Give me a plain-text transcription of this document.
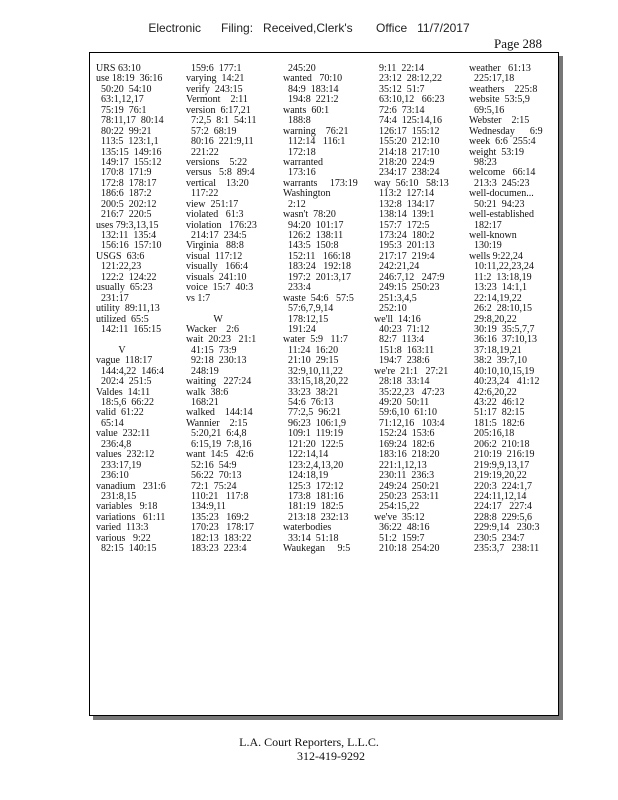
Electronic      Filing:   Received,Clerk's       Office   11/7/2017
Page 288
URS 63:10
use 18:19  36:16
50:20  54:10
63:1,12,17
75:19  76:1
78:11,17  80:14
80:22  99:21
113:5  123:1,1
135:15  149:16
149:17  155:12
170:8  171:9
172:8  178:17
186:6  187:2
200:5  202:12
216:7  220:5
uses 79:3,13,15
132:11  135:4
156:16  157:10
USGS  63:6
121:22,23
122:2  124:22
usually  65:23
231:17
utility  89:11,13
utilized  65:5
142:11  165:15
V
vague  118:17
144:4,22  146:4
202:4  251:5
Valdes  14:11
18:5,6  66:22
valid  61:22
65:14
value  232:11
236:4,8
values  232:12
233:17,19
236:10
vanadium   231:6
231:8,15
variables   9:18
variations   61:11
varied  113:3
various   9:22
82:15  140:15
159:6  177:1
varying  14:21
verify  243:15
Vermont    2:11
version  6:17,21
7:2,5  8:1  54:11
57:2  68:19
80:16  221:9,11
221:22
versions    5:22
versus   5:8  89:4
vertical    13:20
117:22
view  251:17
violated   61:3
violation   176:23
214:17  234:5
Virginia   88:8
visual  117:12
visually   166:4
visuals  241:10
voice  15:7  40:3
vs 1:7
W
Wacker    2:6
wait  20:23   21:1
41:15  73:9
92:18  230:13
248:19
waiting   227:24
walk  38:6
168:21
walked    144:14
Wannier    2:15
5:20,21  6:4,8
6:15,19  7:8,16
want  14:5   42:6
52:16  54:9
56:22  70:13
72:1  75:24
110:21   117:8
134:9,11
135:23   169:2
170:23   178:17
182:13  183:22
183:23  223:4
245:20
wanted   70:10
84:9  183:14
194:8  221:2
wants  60:1
188:8
warning    76:21
112:14   116:1
172:18
warranted
173:16
warrants     173:19
Washington
2:12
wasn't  78:20
94:20  101:17
126:2  138:11
143:5  150:8
152:11   166:18
183:24   192:18
197:2  201:3,17
233:4
waste  54:6   57:5
57:6,7,9,14
178:12,15
191:24
water  5:9   11:7
11:24  16:20
21:10  29:15
32:9,10,11,22
33:15,18,20,22
33:23  38:21
54:6  76:13
77:2,5  96:21
96:23  106:1,9
109:1  119:19
121:20  122:5
122:14,14
123:2,4,13,20
124:18,19
125:3  172:12
173:8  181:16
181:19  182:5
213:18  232:13
waterbodies
33:14  51:18
Waukegan     9:5
9:11  22:14
23:12  28:12,22
35:12  51:7
63:10,12   66:23
72:6  73:14
74:4  125:14,16
126:17  155:12
155:20  212:10
214:18  217:10
218:20  224:9
234:17  238:24
way  56:10   58:13
113:2  127:14
132:8  134:17
138:14  139:1
157:7  172:5
173:24  180:2
195:3  201:13
217:17  219:4
242:21,24
246:7,12   247:9
249:15  250:23
251:3,4,5
252:10
we'll  14:16
40:23  71:12
82:7  113:4
151:8  163:11
194:7  238:6
we're  21:1   27:21
28:18  33:14
35:22,23   47:23
49:20  50:11
59:6,10  61:10
71:12,16   103:4
152:24  153:6
169:24  182:6
183:16  218:20
221:1,12,13
230:11  236:3
249:24  250:21
250:23  253:11
254:15,22
we've  35:12
36:22  48:16
51:2  159:7
210:18  254:20
weather   61:13
225:17,18
weathers    225:8
website  53:5,9
69:5,16
Webster    2:15
Wednesday      6:9
week  6:6  255:4
weight  53:19
98:23
welcome   66:14
213:3  245:23
well-documen...
50:21  94:23
well-established
182:17
well-known
130:19
wells 9:22,24
10:11,22,23,24
11:2  13:18,19
13:23  14:1,1
22:14,19,22
26:2  28:10,15
29:8,20,22
30:19  35:5,7,7
36:16  37:10,13
37:18,19,21
38:2  39:7,10
40:10,10,15,19
40:23,24   41:12
42:6,20,22
43:22  46:12
51:17  82:15
181:5  182:6
205:16,18
206:2  210:18
210:19  216:19
219:9,9,13,17
219:19,20,22
220:3  224:1,7
224:11,12,14
224:17   227:4
228:8  229:5,6
229:9,14   230:3
230:5  234:7
235:3,7   238:11
L.A. Court Reporters, L.L.C.
312-419-9292
